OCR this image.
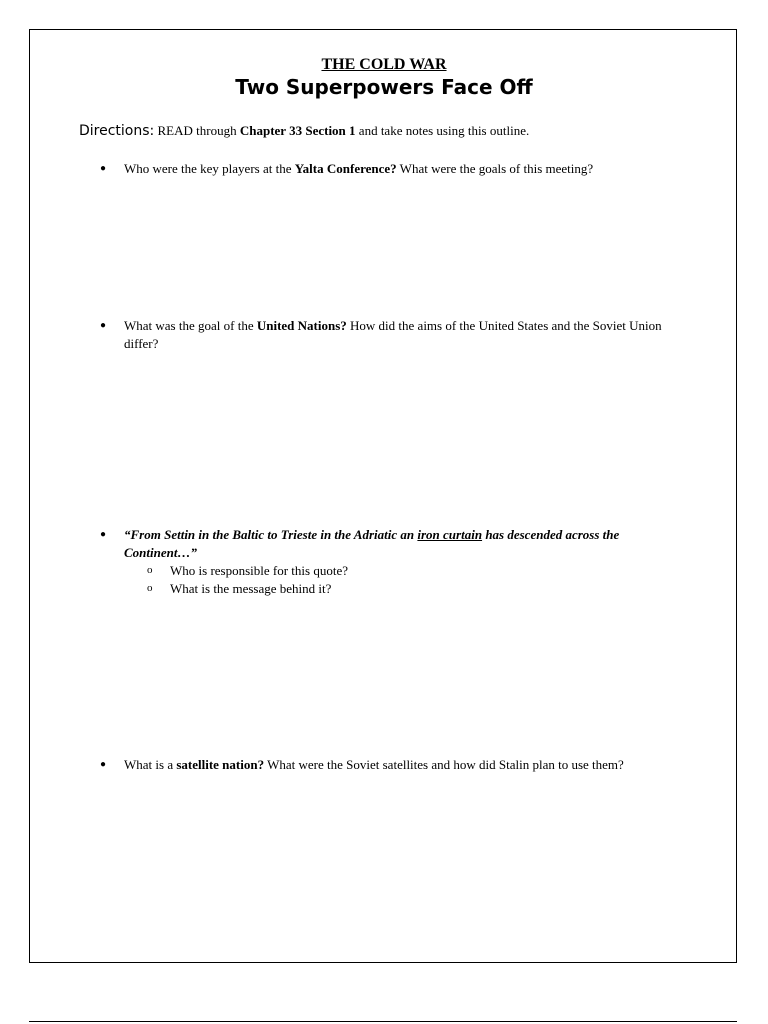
THE COLD WAR
Two Superpowers Face Off
Directions: READ through Chapter 33 Section 1 and take notes using this outline.
● Who were the key players at the Yalta Conference? What were the goals of this meeting?
● What was the goal of the United Nations? How did the aims of the United States and the Soviet Union differ?
● “From Settin in the Baltic to Trieste in the Adriatic an iron curtain has descended across the Continent…”
o Who is responsible for this quote?
o What is the message behind it?
● What is a satellite nation? What were the Soviet satellites and how did Stalin plan to use them?
